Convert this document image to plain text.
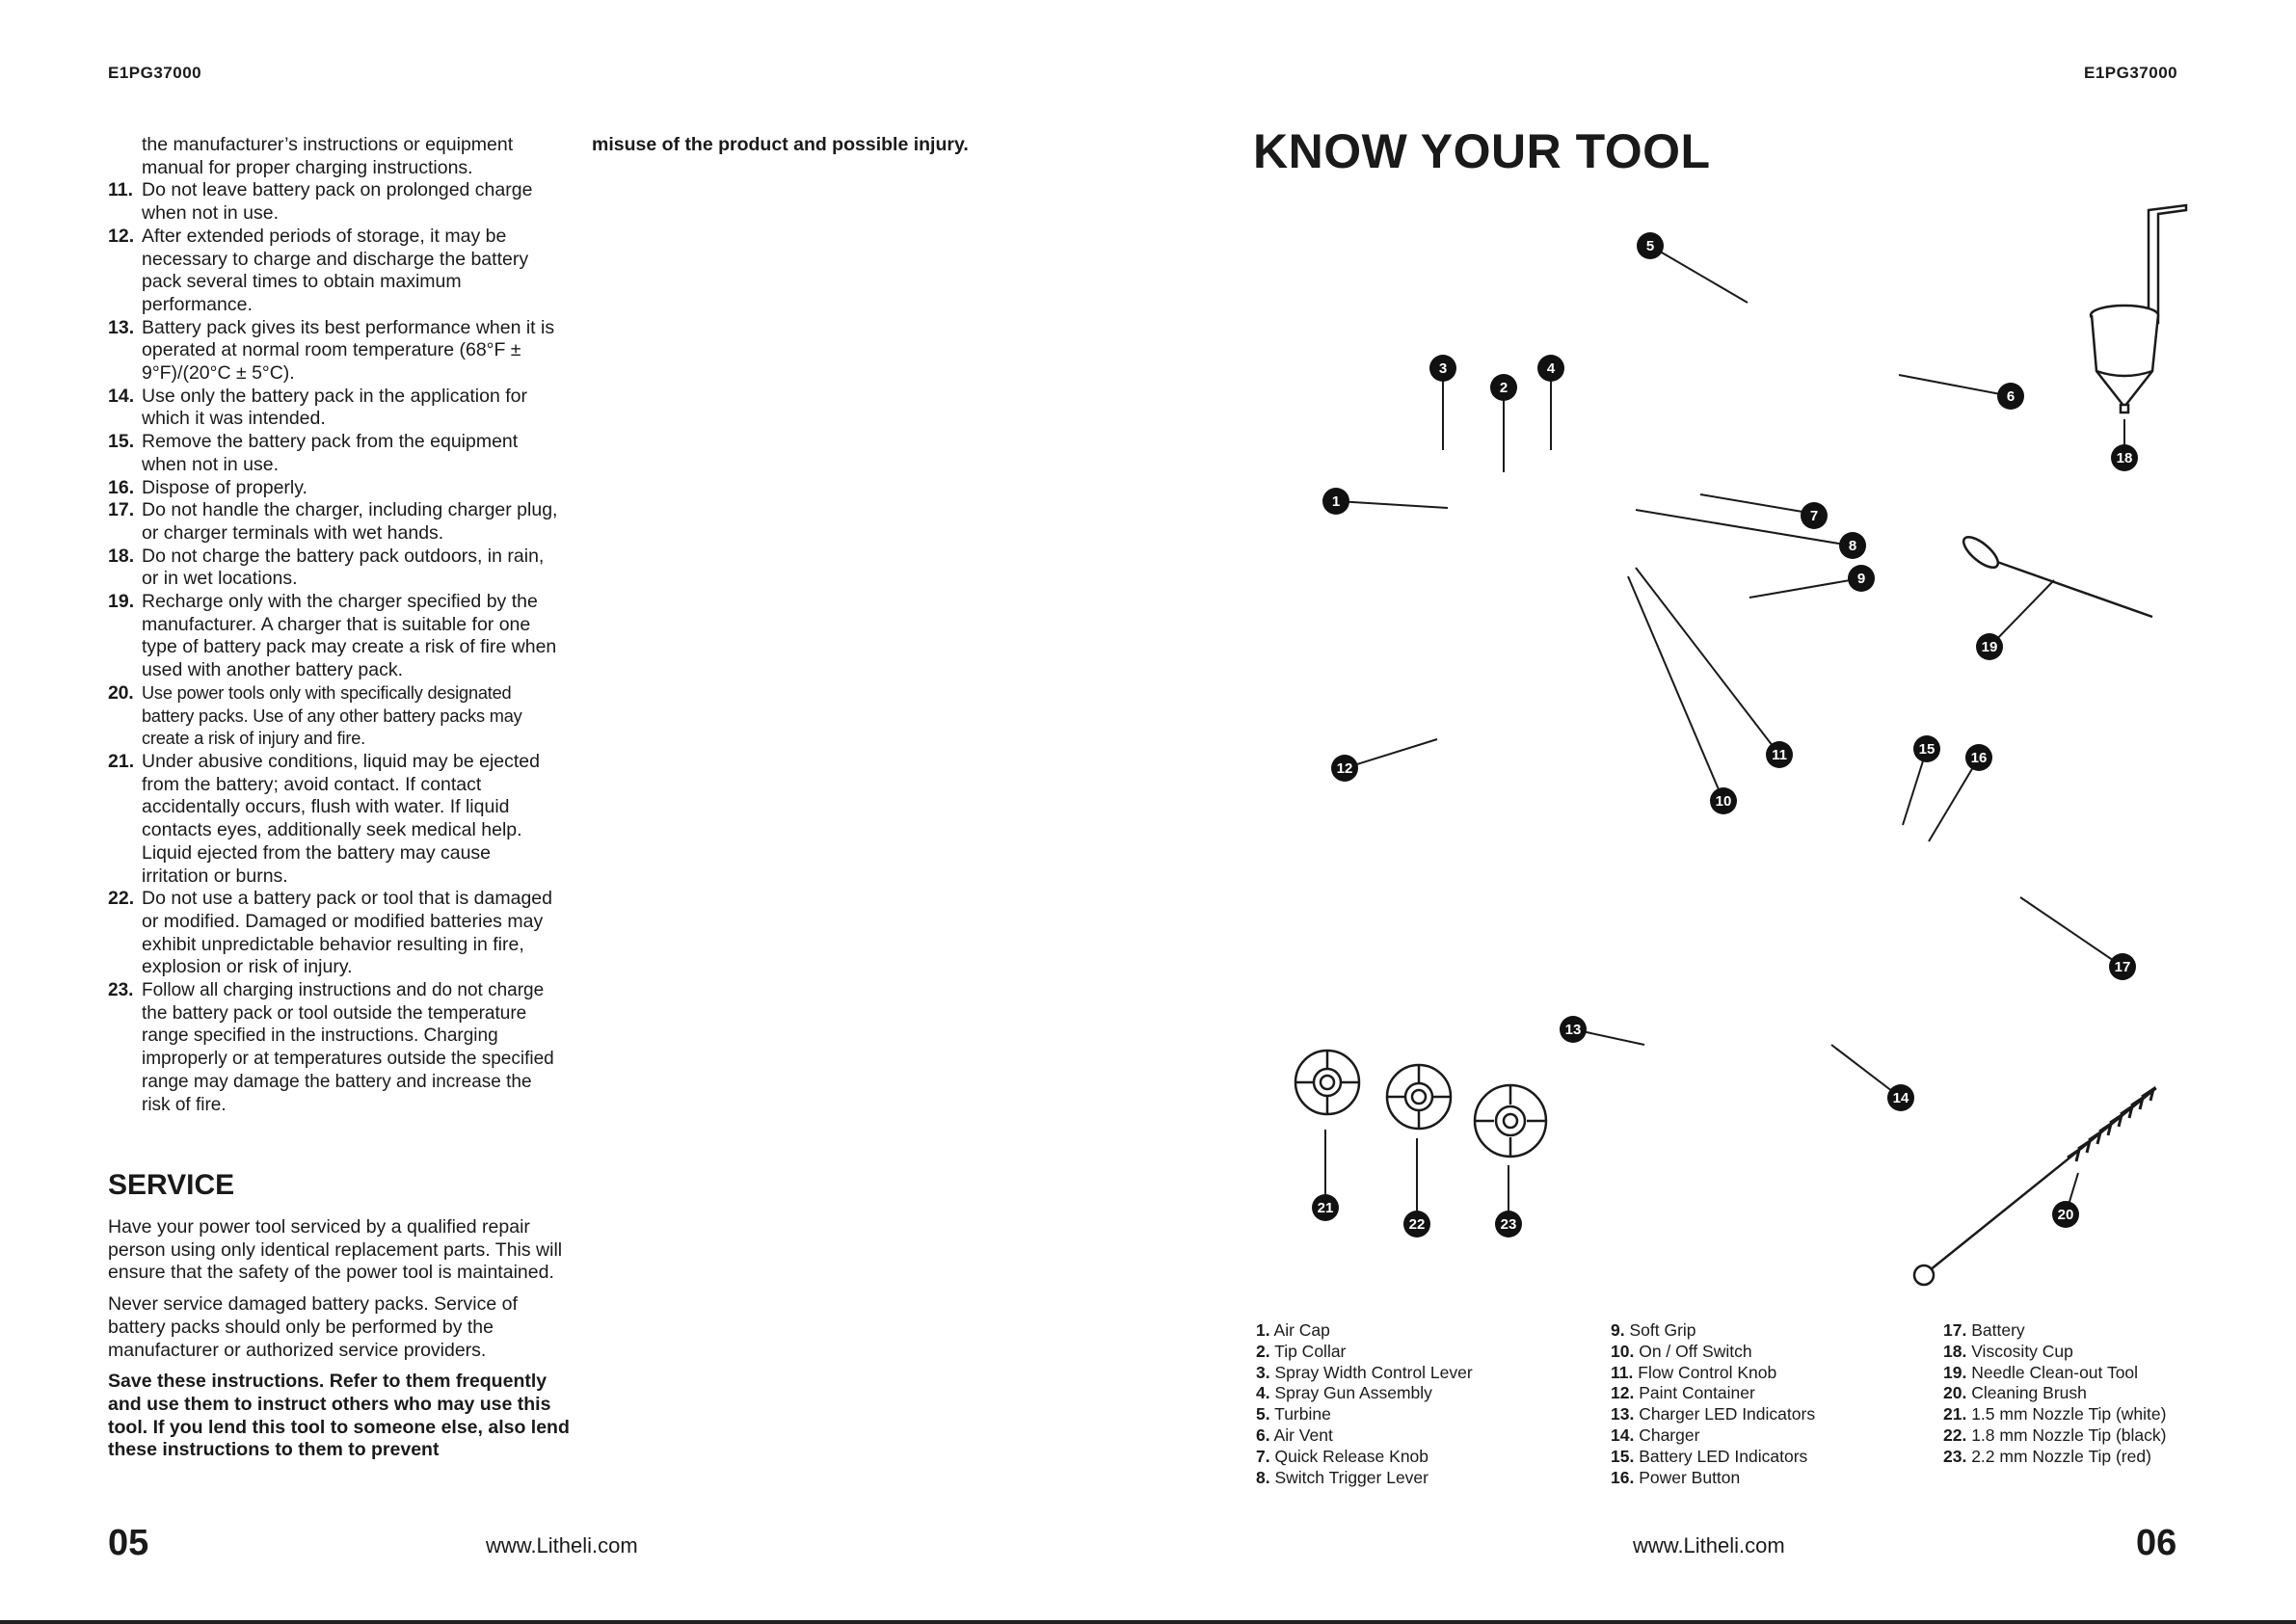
E1PG37000	E1PG37000
the manufacturer’s instructions or equipment manual for proper charging instructions.
11. Do not leave battery pack on prolonged charge when not in use.
12. After extended periods of storage, it may be necessary to charge and discharge the battery pack several times to obtain maximum performance.
13. Battery pack gives its best performance when it is operated at normal room temperature (68°F ± 9°F)/(20°C ± 5°C).
14. Use only the battery pack in the application for which it was intended.
15. Remove the battery pack from the equipment when not in use.
16. Dispose of properly.
17. Do not handle the charger, including charger plug, or charger terminals with wet hands.
18. Do not charge the battery pack outdoors, in rain, or in wet locations.
19. Recharge only with the charger specified by the manufacturer. A charger that is suitable for one type of battery pack may create a risk of fire when used with another battery pack.
20. Use power tools only with specifically designated battery packs. Use of any other battery packs may create a risk of injury and fire.
21. Under abusive conditions, liquid may be ejected from the battery; avoid contact. If contact accidentally occurs, flush with water. If liquid contacts eyes, additionally seek medical help. Liquid ejected from the battery may cause irritation or burns.
22. Do not use a battery pack or tool that is damaged or modified. Damaged or modified batteries may exhibit unpredictable behavior resulting in fire, explosion or risk of injury.
23. Follow all charging instructions and do not charge the battery pack or tool outside the temperature range specified in the instructions. Charging improperly or at temperatures outside the specified range may damage the battery and increase the risk of fire.
SERVICE

Have your power tool serviced by a qualified repair person using only identical replacement parts. This will ensure that the safety of the power tool is maintained.

Never service damaged battery packs. Service of battery packs should only be performed by the manufacturer or authorized service providers.

Save these instructions. Refer to them frequently and use them to instruct others who may use this tool. If you lend this tool to someone else, also lend these instructions to them to prevent

misuse of the product and possible injury.
05	www.Litheli.com
KNOW YOUR TOOL
1
2
3	4
5
6
7
8
9
10
11
12
13
14
15
16
17
18
19
20
21
22	23
1. Air Cap
2. Tip Collar
3. Spray Width Control Lever
4. Spray Gun Assembly
5. Turbine
6. Air Vent
7. Quick Release Knob
8. Switch Trigger Lever
9. Soft Grip
10. On / Off Switch
11. Flow Control Knob
12. Paint Container
13. Charger LED Indicators
14. Charger
15. Battery LED Indicators
16. Power Button
17. Battery
18. Viscosity Cup
19. Needle Clean-out Tool
20. Cleaning Brush
21. 1.5 mm Nozzle Tip (white)
22. 1.8 mm Nozzle Tip (black)
23. 2.2 mm Nozzle Tip (red)
www.Litheli.com	06
